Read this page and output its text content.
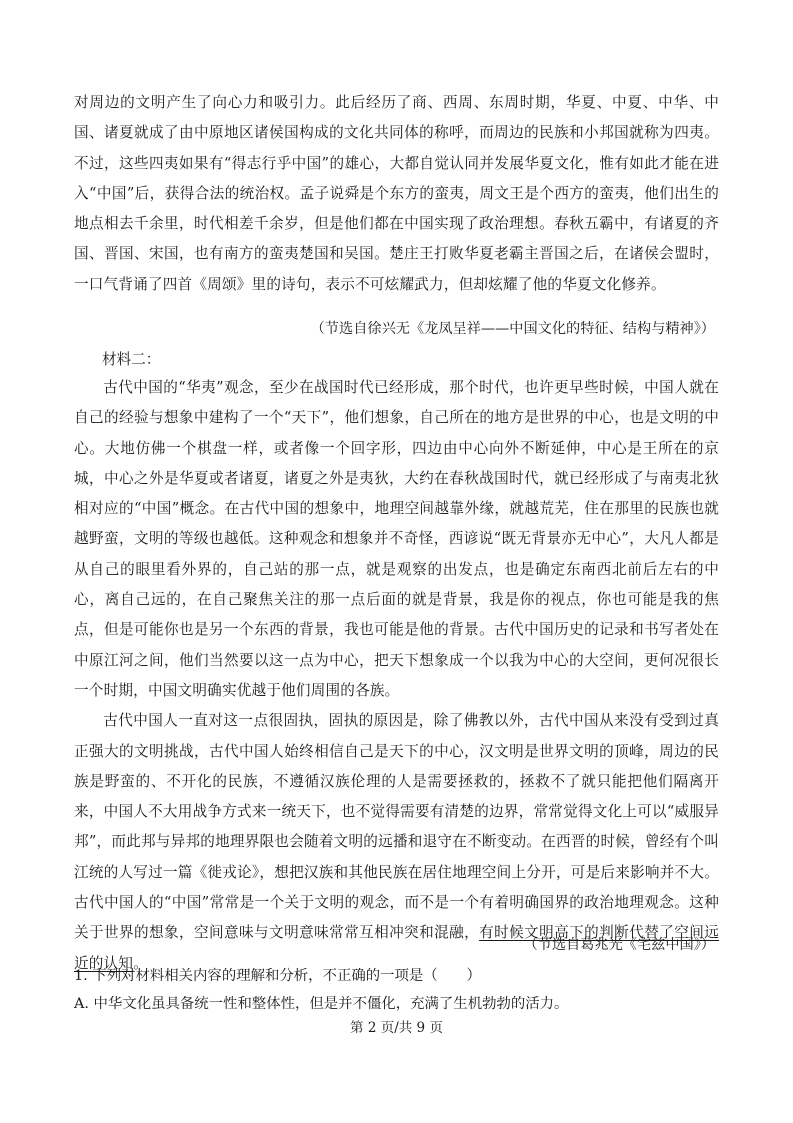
对周边的文明产生了向心力和吸引力。此后经历了商、西周、东周时期，华夏、中夏、中华、中国、诸夏就成了由中原地区诸侯国构成的文化共同体的称呼，而周边的民族和小邦国就称为四夷。不过，这些四夷如果有“得志行乎中国”的雄心，大都自觉认同并发展华夏文化，惟有如此才能在进入“中国”后，获得合法的统治权。孟子说舜是个东方的蛮夷，周文王是个西方的蛮夷，他们出生的地点相去千余里，时代相差千余岁，但是他们都在中国实现了政治理想。春秋五霸中，有诸夏的齐国、晋国、宋国，也有南方的蛮夷楚国和吴国。楚庄王打败华夏老霸主晋国之后，在诸侯会盟时，一口气背诵了四首《周颂》里的诗句，表示不可炫耀武力，但却炫耀了他的华夏文化修养。

（节选自徐兴无《龙凤呈祥——中国文化的特征、结构与精神》）
材料二：

古代中国的“华夷”观念，至少在战国时代已经形成，那个时代，也许更早些时候，中国人就在自己的经验与想象中建构了一个“天下”，他们想象，自己所在的地方是世界的中心，也是文明的中心。大地仿佛一个棋盘一样，或者像一个回字形，四边由中心向外不断延伸，中心是王所在的京城，中心之外是华夏或者诸夏，诸夏之外是夷狄，大约在春秋战国时代，就已经形成了与南夷北狄相对应的“中国”概念。在古代中国的想象中，地理空间越靠外缘，就越荒芜，住在那里的民族也就越野蛮，文明的等级也越低。这种观念和想象并不奇怪，西谚说“既无背景亦无中心”，大凡人都是从自己的眼里看外界的，自己站的那一点，就是观察的出发点，也是确定东南西北前后左右的中心，离自己远的，在自己聚焦关注的那一点后面的就是背景，我是你的视点，你也可能是我的焦点，但是可能你也是另一个东西的背景，我也可能是他的背景。古代中国历史的记录和书写者处在中原江河之间，他们当然要以这一点为中心，把天下想象成一个以我为中心的大空间，更何况很长一个时期，中国文明确实优越于他们周围的各族。

古代中国人一直对这一点很固执，固执的原因是，除了佛教以外，古代中国从来没有受到过真正强大的文明挑战，古代中国人始终相信自己是天下的中心，汉文明是世界文明的顶峰，周边的民族是野蛮的、不开化的民族，不遵循汉族伦理的人是需要拯救的，拯救不了就只能把他们隔离开来，中国人不大用战争方式来一统天下，也不觉得需要有清楚的边界，常常觉得文化上可以“威服异邦”，而此邦与异邦的地理界限也会随着文明的远播和退守在不断变动。在西晋的时候，曾经有个叫江统的人写过一篇《徙戎论》，想把汉族和其他民族在居住地理空间上分开，可是后来影响并不大。古代中国人的“中国”常常是一个关于文明的观念，而不是一个有着明确国界的政治地理观念。这种关于世界的想象，空间意味与文明意味常常互相冲突和混融，有时候文明高下的判断代替了空间远近的认知。

（节选自葛兆光《宅兹中国》）
1. 下列对材料相关内容的理解和分析，不正确的一项是（　　）
A. 中华文化虽具备统一性和整体性，但是并不僵化，充满了生机勃勃的活力。
第 2 页/共 9 页
